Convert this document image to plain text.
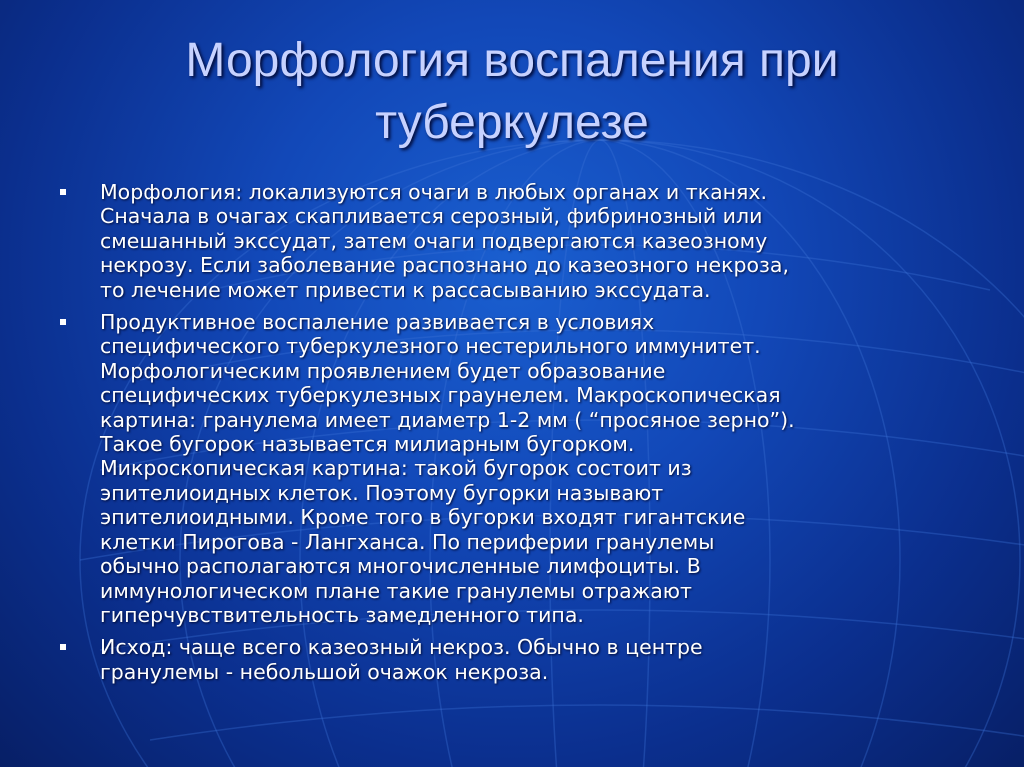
Морфология воспаления при
туберкулезе
Морфология: локализуются очаги в любых органах и тканях.
Сначала в очагах скапливается серозный, фибринозный или
смешанный экссудат, затем очаги подвергаются казеозному
некрозу. Если заболевание распознано до казеозного некроза,
то лечение может привести к рассасыванию экссудата.
Продуктивное воспаление развивается в условиях
специфического туберкулезного нестерильного иммунитет.
Морфологическим проявлением будет образование
специфических туберкулезных граунелем. Макроскопическая
картина: гранулема имеет диаметр 1-2 мм ( “просяное зерно”).
Такое бугорок называется милиарным бугорком.
Микроскопическая картина: такой бугорок состоит из
эпителиоидных клеток. Поэтому бугорки называют
эпителиоидными. Кроме того в бугорки входят гигантские
клетки Пирогова - Лангханса. По периферии гранулемы
обычно располагаются многочисленные лимфоциты. В
иммунологическом плане такие гранулемы отражают
гиперчувствительность замедленного типа.
Исход: чаще всего казеозный некроз. Обычно в центре
гранулемы - небольшой очажок некроза.
